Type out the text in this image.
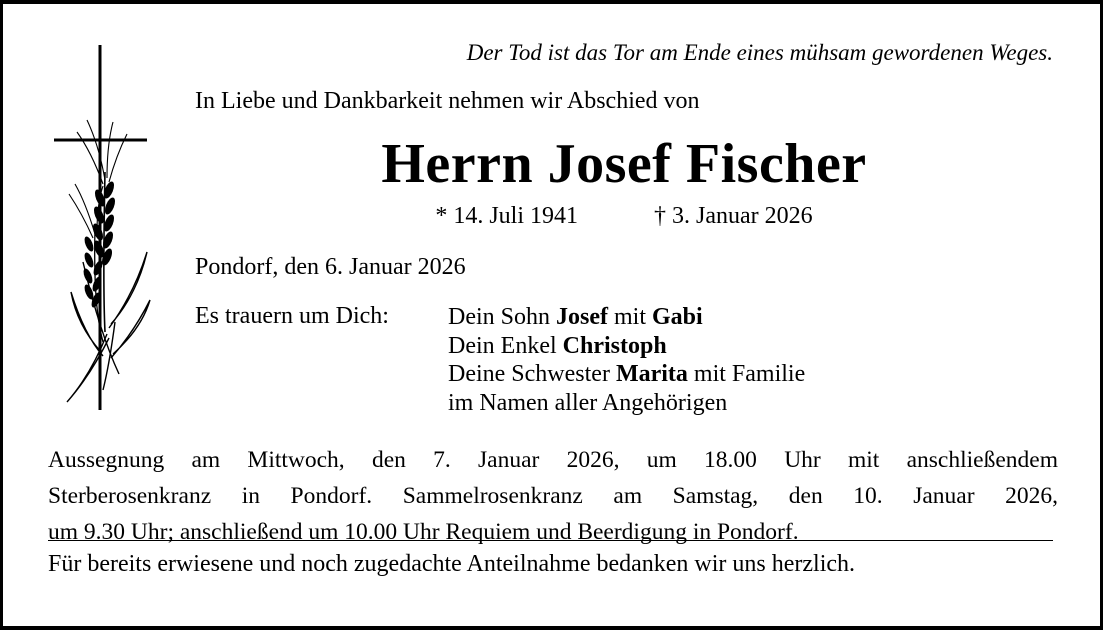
Der Tod ist das Tor am Ende eines mühsam gewordenen Weges.
In Liebe und Dankbarkeit nehmen wir Abschied von
Herrn Josef Fischer
* 14. Juli 1941	† 3. Januar 2026
Pondorf, den 6. Januar 2026
Es trauern um Dich: Dein Sohn Josef mit Gabi
Dein Enkel Christoph
Deine Schwester Marita mit Familie
im Namen aller Angehörigen
Aussegnung am Mittwoch, den 7. Januar 2026, um 18.00 Uhr mit anschließendem
Sterberosenkranz in Pondorf. Sammelrosenkranz am Samstag, den 10. Januar 2026,
um 9.30 Uhr; anschließend um 10.00 Uhr Requiem und Beerdigung in Pondorf.
Für bereits erwiesene und noch zugedachte Anteilnahme bedanken wir uns herzlich.
